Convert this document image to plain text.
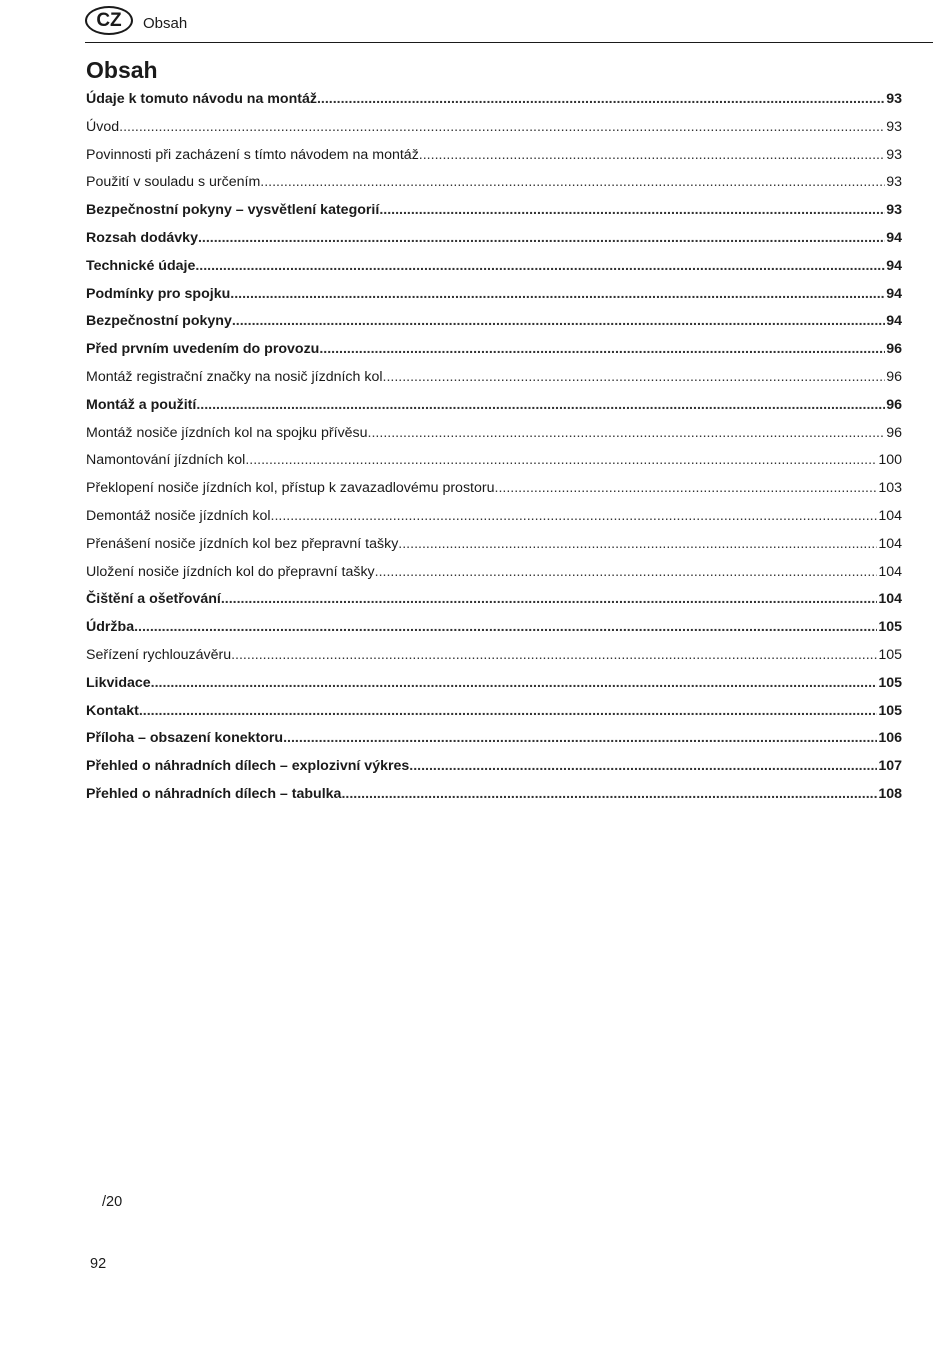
CZ	Obsah
Obsah
Údaje k tomuto návodu na montáž .....	93
Úvod .....	93
Povinnosti při zacházení s tímto návodem na montáž .....	93
Použití v souladu s určením .....	93
Bezpečnostní pokyny – vysvětlení kategorií .....	93
Rozsah dodávky .....	94
Technické údaje .....	94
Podmínky pro spojku .....	94
Bezpečnostní pokyny .....	94
Před prvním uvedením do provozu .....	96
Montáž registrační značky na nosič jízdních kol .....	96
Montáž a použití .....	96
Montáž nosiče jízdních kol na spojku přívěsu .....	96
Namontování jízdních kol .....	100
Překlopení nosiče jízdních kol, přístup k zavazadlovému prostoru .....	103
Demontáž nosiče jízdních kol .....	104
Přenášení nosiče jízdních kol bez přepravní tašky .....	104
Uložení nosiče jízdních kol do přepravní tašky .....	104
Čištění a ošetřování .....	104
Údržba .....	105
Seřízení rychlouzávěru .....	105
Likvidace .....	105
Kontakt .....	105
Příloha – obsazení konektoru .....	106
Přehled o náhradních dílech – explozivní výkres .....	107
Přehled o náhradních dílech – tabulka .....	108
/20
92
